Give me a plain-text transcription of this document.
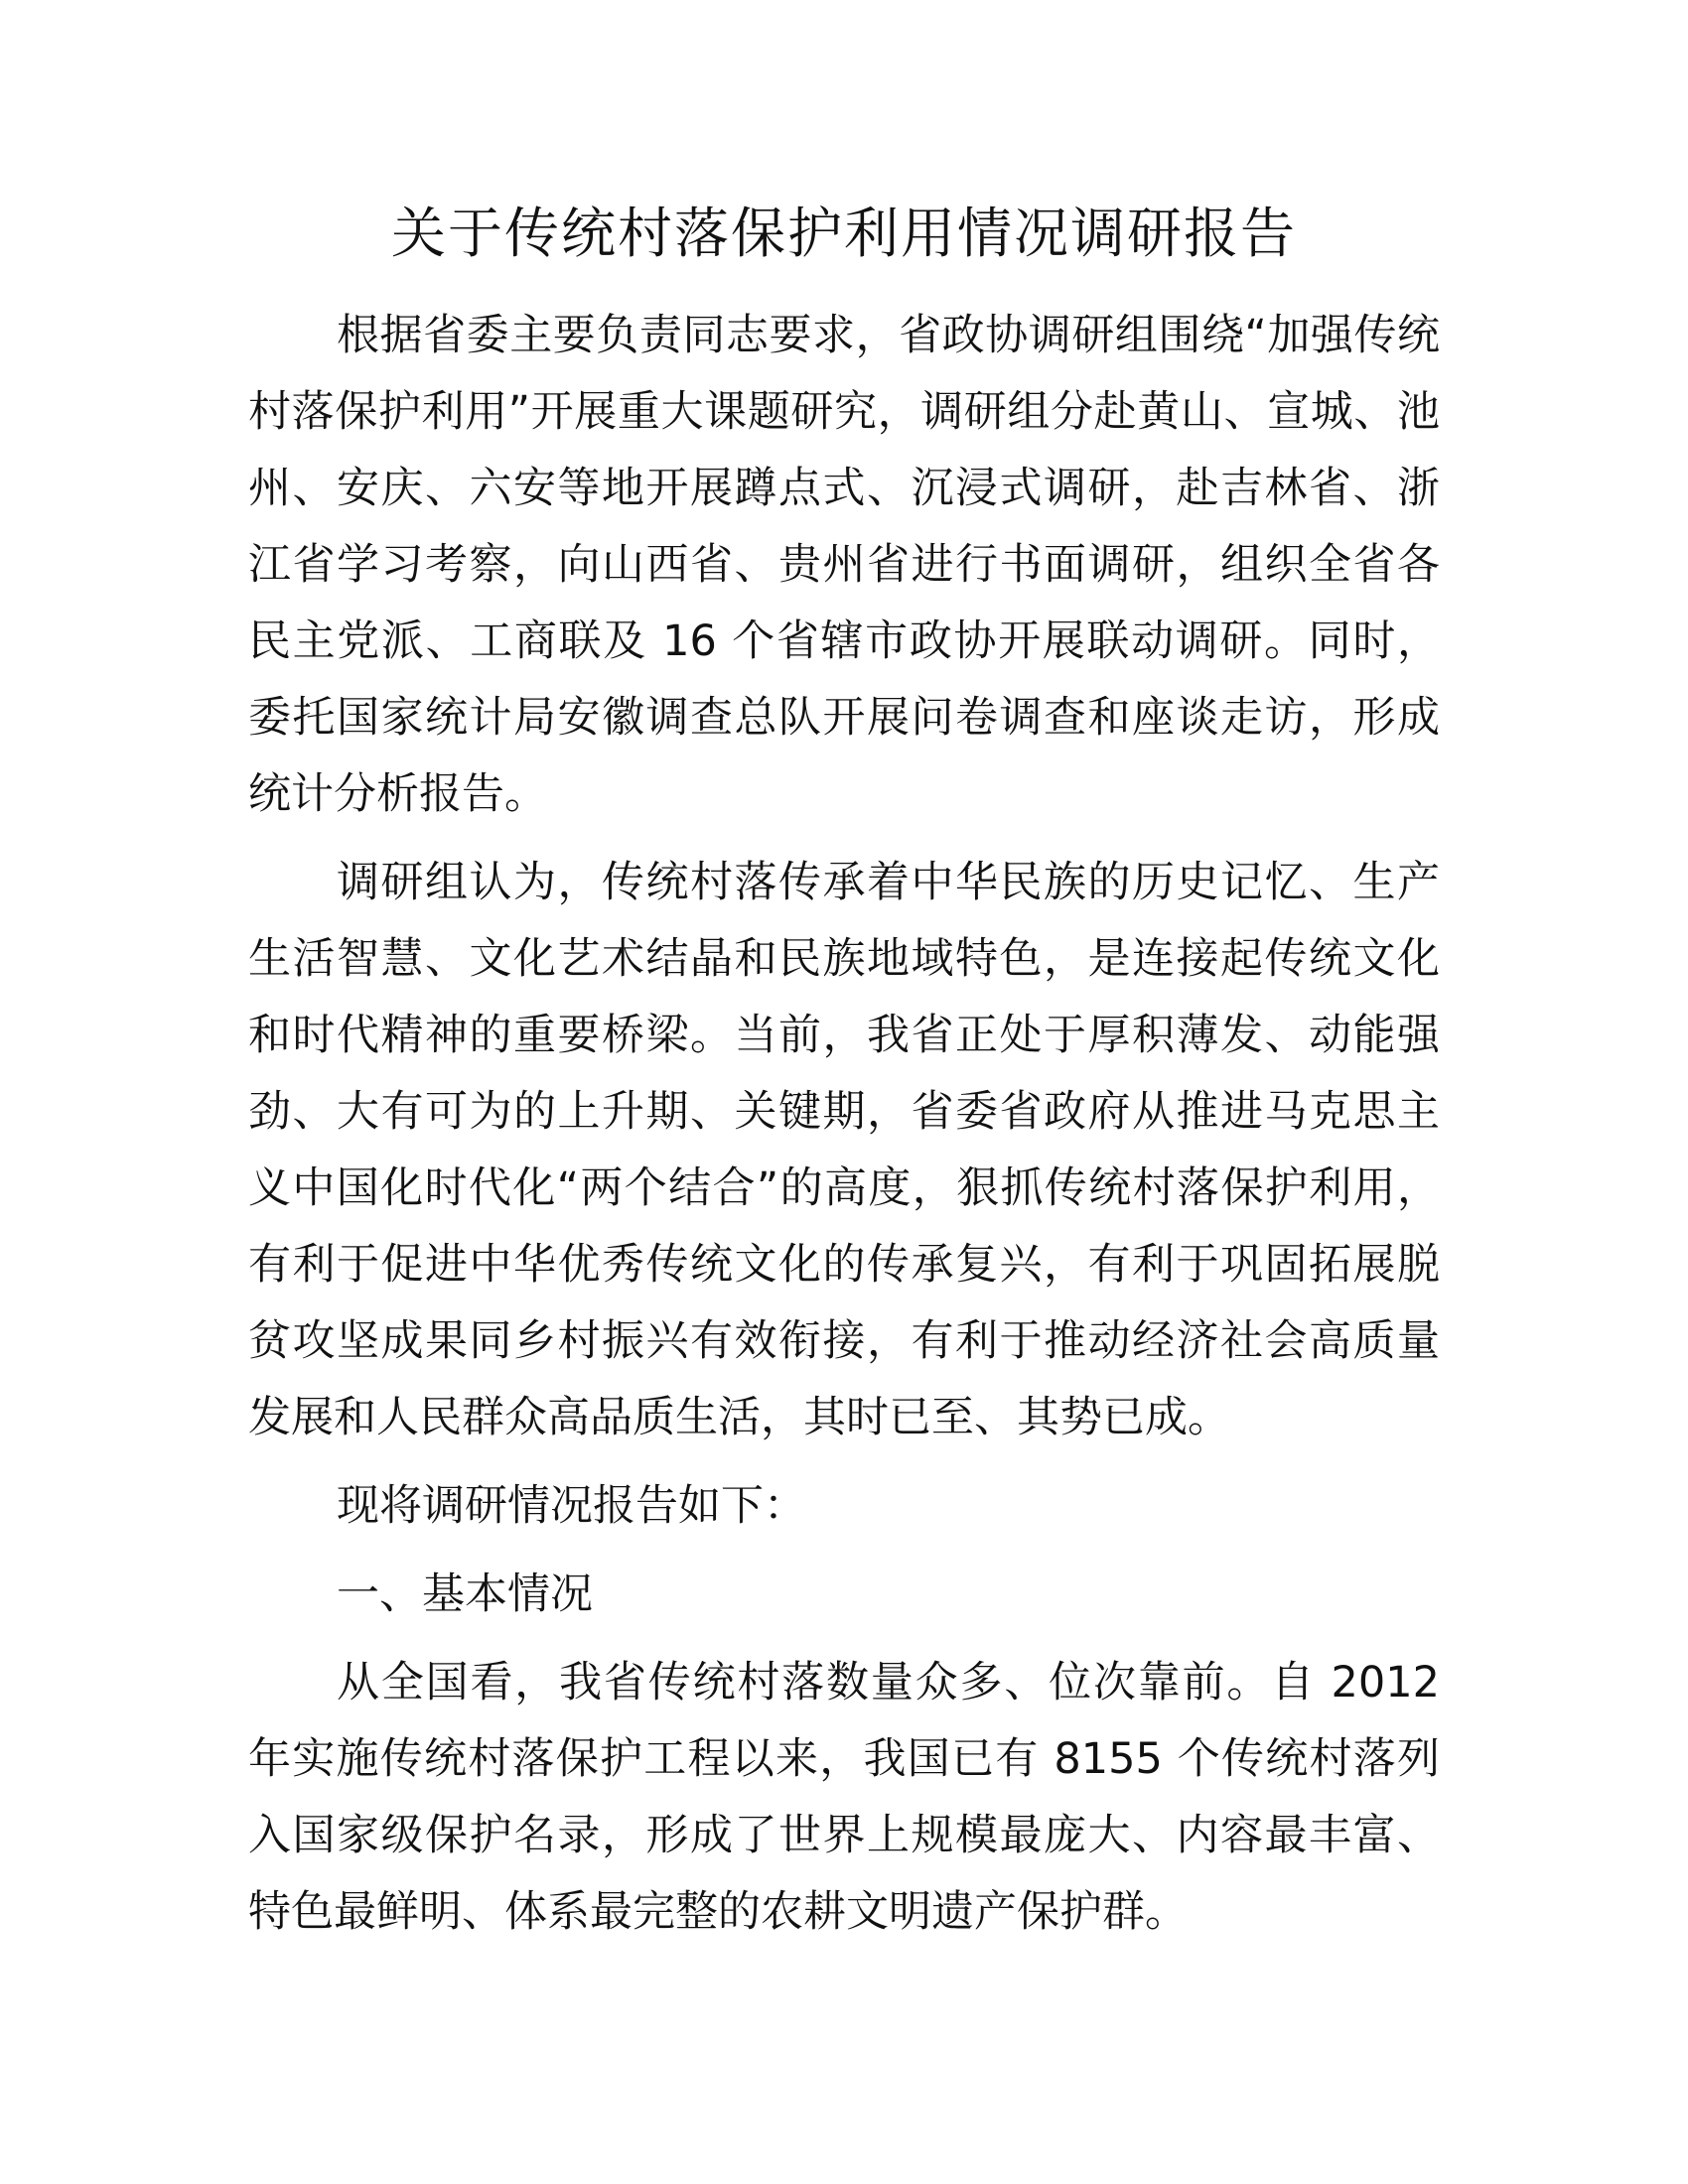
关于传统村落保护利用情况调研报告

根据省委主要负责同志要求，省政协调研组围绕“加强传统村落保护利用”开展重大课题研究，调研组分赴黄山、宣城、池州、安庆、六安等地开展蹲点式、沉浸式调研，赴吉林省、浙江省学习考察，向山西省、贵州省进行书面调研，组织全省各民主党派、工商联及 16 个省辖市政协开展联动调研。同时，委托国家统计局安徽调查总队开展问卷调查和座谈走访，形成统计分析报告。

调研组认为，传统村落传承着中华民族的历史记忆、生产生活智慧、文化艺术结晶和民族地域特色，是连接起传统文化和时代精神的重要桥梁。当前，我省正处于厚积薄发、动能强劲、大有可为的上升期、关键期，省委省政府从推进马克思主义中国化时代化“两个结合”的高度，狠抓传统村落保护利用，有利于促进中华优秀传统文化的传承复兴，有利于巩固拓展脱贫攻坚成果同乡村振兴有效衔接，有利于推动经济社会高质量发展和人民群众高品质生活，其时已至、其势已成。

现将调研情况报告如下：

一、基本情况

从全国看，我省传统村落数量众多、位次靠前。自 2012 年实施传统村落保护工程以来，我国已有 8155 个传统村落列入国家级保护名录，形成了世界上规模最庞大、内容最丰富、特色最鲜明、体系最完整的农耕文明遗产保护群。
